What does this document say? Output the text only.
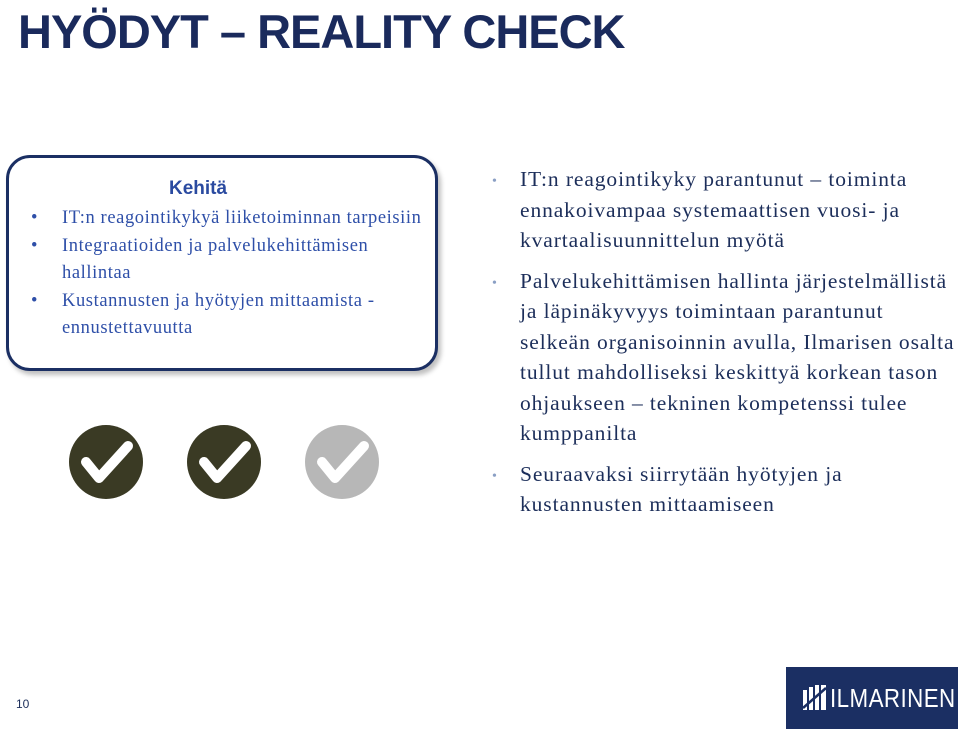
HYÖDYT – REALITY CHECK
Kehitä
• IT:n reagointikykyä liiketoiminnan tarpeisiin
• Integraatioiden ja palvelukehittämisen hallintaa
• Kustannusten ja hyötyjen mittaamista - ennustettavuutta
• IT:n reagointikyky parantunut – toiminta ennakoivampaa systemaattisen vuosi- ja kvartaalisuunnittelun myötä
• Palvelukehittämisen hallinta järjestelmällistä ja läpinäkyvyys toimintaan parantunut selkeän organisoinnin avulla, Ilmarisen osalta tullut mahdolliseksi keskittyä korkean tason ohjaukseen – tekninen kompetenssi tulee kumppanilta
• Seuraavaksi siirrytään hyötyjen ja kustannusten mittaamiseen
10	ILMARINEN
